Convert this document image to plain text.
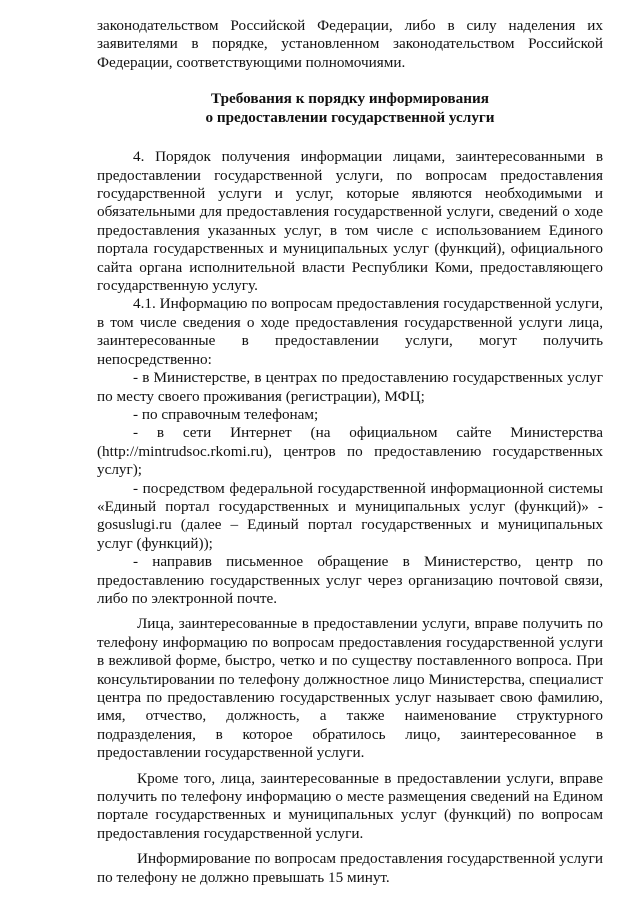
законодательством Российской Федерации, либо в силу наделения их заявителями в порядке, установленном законодательством Российской Федерации, соответствующими полномочиями.

Требования к порядку информирования
о предоставлении государственной услуги

4. Порядок получения информации лицами, заинтересованными в предоставлении государственной услуги, по вопросам предоставления государственной услуги и услуг, которые являются необходимыми и обязательными для предоставления государственной услуги, сведений о ходе предоставления указанных услуг, в том числе с использованием Единого портала государственных и муниципальных услуг (функций), официального сайта органа исполнительной власти Республики Коми, предоставляющего государственную услугу.

4.1. Информацию по вопросам предоставления государственной услуги, в том числе сведения о ходе предоставления государственной услуги лица, заинтересованные в предоставлении услуги, могут получить непосредственно:

- в Министерстве, в центрах по предоставлению государственных услуг по месту своего проживания (регистрации), МФЦ;

- по справочным телефонам;

- в сети Интернет (на официальном сайте Министерства (http://mintrudsoc.rkomi.ru), центров по предоставлению государственных услуг);

- посредством федеральной государственной информационной системы «Единый портал государственных и муниципальных услуг (функций)» - gosuslugi.ru (далее – Единый портал государственных и муниципальных услуг (функций));

- направив письменное обращение в Министерство, центр по предоставлению государственных услуг через организацию почтовой связи, либо по электронной почте.

Лица, заинтересованные в предоставлении услуги, вправе получить по телефону информацию по вопросам предоставления государственной услуги в вежливой форме, быстро, четко и по существу поставленного вопроса. При консультировании по телефону должностное лицо Министерства, специалист центра по предоставлению государственных услуг называет свою фамилию, имя, отчество, должность, а также наименование структурного подразделения, в которое обратилось лицо, заинтересованное в предоставлении государственной услуги.

Кроме того, лица, заинтересованные в предоставлении услуги, вправе получить по телефону информацию о месте размещения сведений на Едином портале государственных и муниципальных услуг (функций) по вопросам предоставления государственной услуги.

Информирование по вопросам предоставления государственной услуги по телефону не должно превышать 15 минут.
